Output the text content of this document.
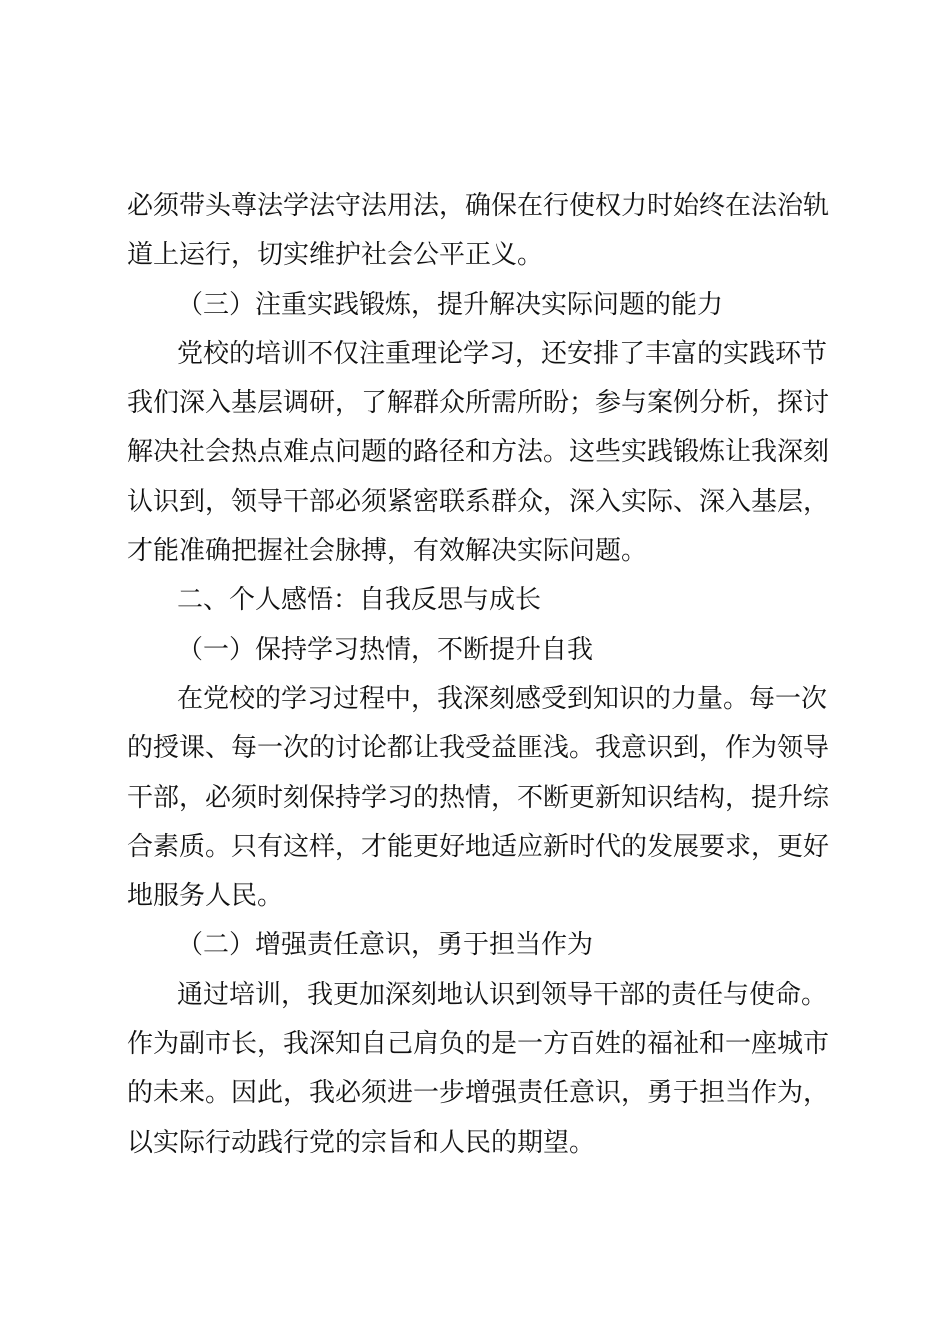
必须带头尊法学法守法用法，确保在行使权力时始终在法治轨
道上运行，切实维护社会公平正义。
（三）注重实践锻炼，提升解决实际问题的能力
党校的培训不仅注重理论学习，还安排了丰富的实践环节
我们深入基层调研，了解群众所需所盼；参与案例分析，探讨
解决社会热点难点问题的路径和方法。这些实践锻炼让我深刻
认识到，领导干部必须紧密联系群众，深入实际、深入基层，
才能准确把握社会脉搏，有效解决实际问题。
二、个人感悟：自我反思与成长
（一）保持学习热情，不断提升自我
在党校的学习过程中，我深刻感受到知识的力量。每一次
的授课、每一次的讨论都让我受益匪浅。我意识到，作为领导
干部，必须时刻保持学习的热情，不断更新知识结构，提升综
合素质。只有这样，才能更好地适应新时代的发展要求，更好
地服务人民。
（二）增强责任意识，勇于担当作为
通过培训，我更加深刻地认识到领导干部的责任与使命。
作为副市长，我深知自己肩负的是一方百姓的福祉和一座城市
的未来。因此，我必须进一步增强责任意识，勇于担当作为，
以实际行动践行党的宗旨和人民的期望。
